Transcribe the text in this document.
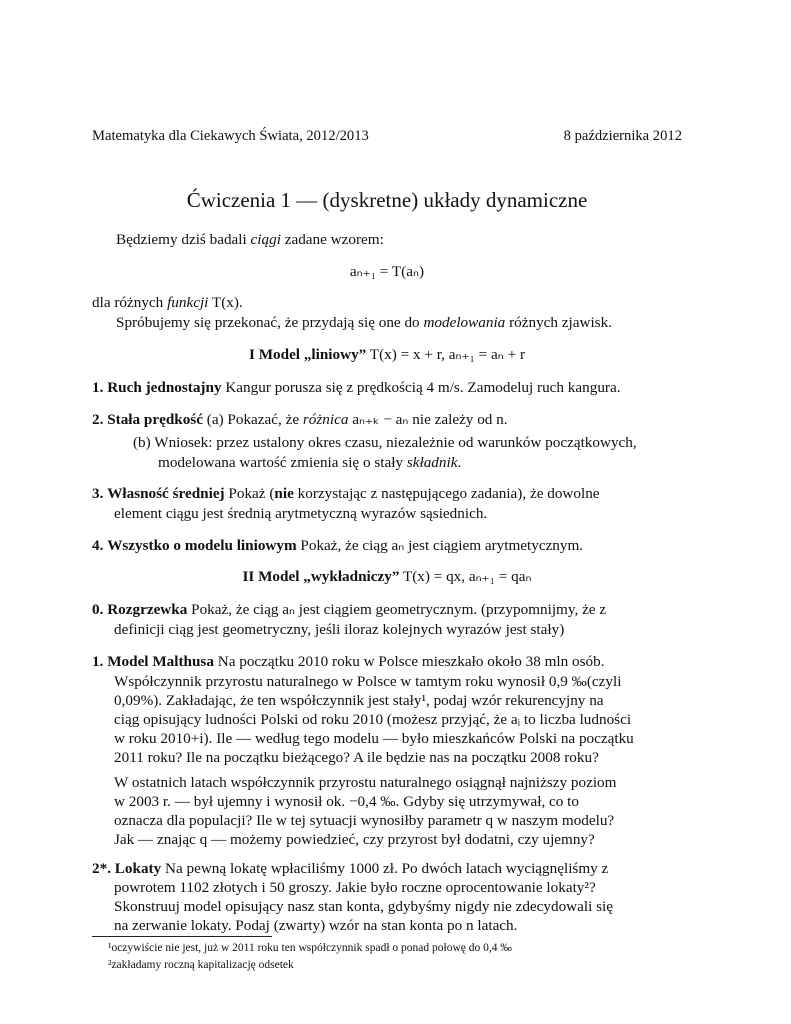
Matematyka dla Ciekawych Świata, 2012/2013	8 października 2012
Ćwiczenia 1 — (dyskretne) układy dynamiczne
Będziemy dziś badali ciągi zadane wzorem:
aₙ₊₁ = T(aₙ)
dla różnych funkcji T(x).
Spróbujemy się przekonać, że przydają się one do modelowania różnych zjawisk.
I Model „liniowy” T(x) = x + r, aₙ₊₁ = aₙ + r
1. Ruch jednostajny Kangur porusza się z prędkością 4 m/s. Zamodeluj ruch kangura.
2. Stała prędkość (a) Pokazać, że różnica aₙ₊ₖ − aₙ nie zależy od n.
(b) Wniosek: przez ustalony okres czasu, niezależnie od warunków początkowych,
modelowana wartość zmienia się o stały składnik.
3. Własność średniej Pokaż (nie korzystając z następującego zadania), że dowolne
element ciągu jest średnią arytmetyczną wyrazów sąsiednich.
4. Wszystko o modelu liniowym Pokaż, że ciąg aₙ jest ciągiem arytmetycznym.
II Model „wykładniczy” T(x) = qx, aₙ₊₁ = qaₙ
0. Rozgrzewka Pokaż, że ciąg aₙ jest ciągiem geometrycznym. (przypomnijmy, że z
definicji ciąg jest geometryczny, jeśli iloraz kolejnych wyrazów jest stały)
1. Model Malthusa Na początku 2010 roku w Polsce mieszkało około 38 mln osób.
Współczynnik przyrostu naturalnego w Polsce w tamtym roku wynosił 0,9 ‰(czyli
0,09%). Zakładając, że ten współczynnik jest stały¹, podaj wzór rekurencyjny na
ciąg opisujący ludności Polski od roku 2010 (możesz przyjąć, że aᵢ to liczba ludności
w roku 2010+i). Ile — według tego modelu — było mieszkańców Polski na początku
2011 roku? Ile na początku bieżącego? A ile będzie nas na początku 2008 roku?
W ostatnich latach współczynnik przyrostu naturalnego osiągnął najniższy poziom
w 2003 r. — był ujemny i wynosił ok. −0,4 ‰. Gdyby się utrzymywał, co to
oznacza dla populacji? Ile w tej sytuacji wynosiłby parametr q w naszym modelu?
Jak — znając q — możemy powiedzieć, czy przyrost był dodatni, czy ujemny?
2*. Lokaty Na pewną lokatę wpłaciliśmy 1000 zł. Po dwóch latach wyciągnęliśmy z
powrotem 1102 złotych i 50 groszy. Jakie było roczne oprocentowanie lokaty²?
Skonstruuj model opisujący nasz stan konta, gdybyśmy nigdy nie zdecydowali się
na zerwanie lokaty. Podaj (zwarty) wzór na stan konta po n latach.
¹oczywiście nie jest, już w 2011 roku ten współczynnik spadł o ponad połowę do 0,4 ‰
²zakładamy roczną kapitalizację odsetek
